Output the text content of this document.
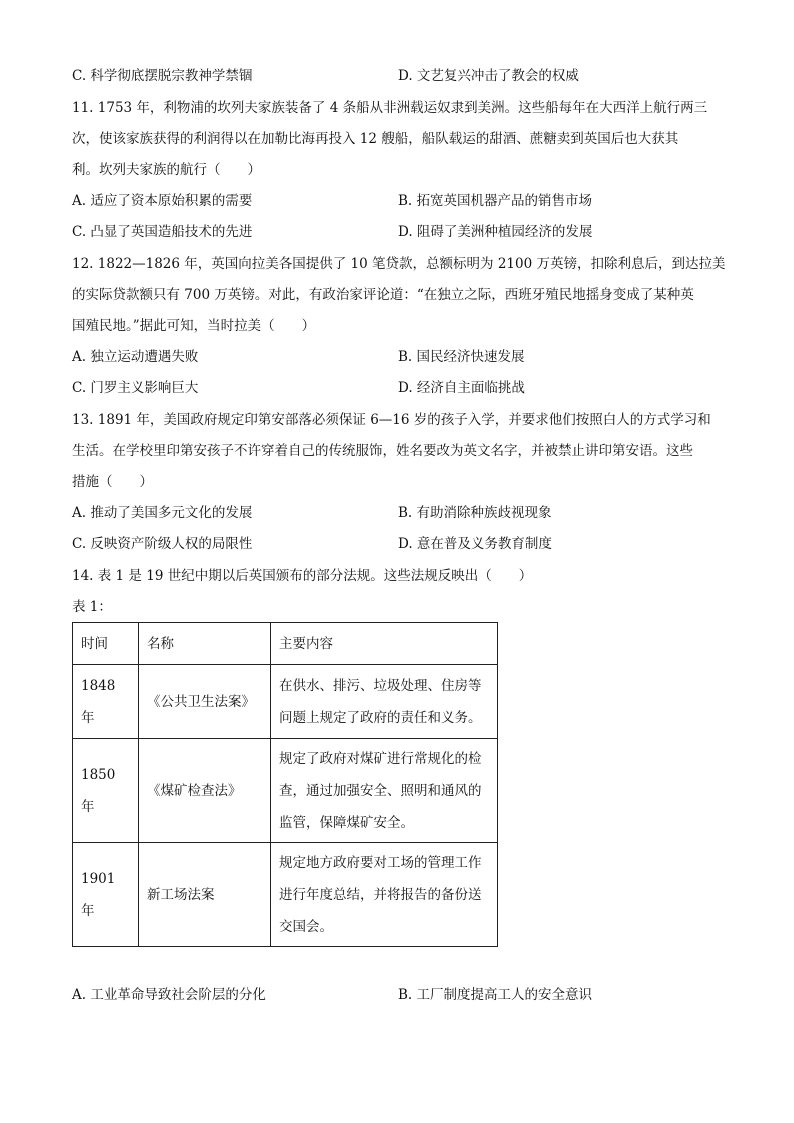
C. 科学彻底摆脱宗教神学禁锢	D. 文艺复兴冲击了教会的权威
11. 1753 年，利物浦的坎列夫家族装备了 4 条船从非洲载运奴隶到美洲。这些船每年在大西洋上航行两三
次，使该家族获得的利润得以在加勒比海再投入 12 艘船，船队载运的甜酒、蔗糖卖到英国后也大获其
利。坎列夫家族的航行（　　）
A. 适应了资本原始积累的需要	B. 拓宽英国机器产品的销售市场
C. 凸显了英国造船技术的先进	D. 阻碍了美洲种植园经济的发展
12. 1822—1826 年，英国向拉美各国提供了 10 笔贷款，总额标明为 2100 万英镑，扣除利息后，到达拉美
的实际贷款额只有 700 万英镑。对此，有政治家评论道：“在独立之际，西班牙殖民地摇身变成了某种英
国殖民地。”据此可知，当时拉美（　　）
A. 独立运动遭遇失败	B. 国民经济快速发展
C. 门罗主义影响巨大	D. 经济自主面临挑战
13. 1891 年，美国政府规定印第安部落必须保证 6—16 岁的孩子入学，并要求他们按照白人的方式学习和
生活。在学校里印第安孩子不许穿着自己的传统服饰，姓名要改为英文名字，并被禁止讲印第安语。这些
措施（　　）
A. 推动了美国多元文化的发展	B. 有助消除种族歧视现象
C. 反映资产阶级人权的局限性	D. 意在普及义务教育制度
14. 表 1 是 19 世纪中期以后英国颁布的部分法规。这些法规反映出（　　）
表 1：
时间	名称	主要内容
1848 年	《公共卫生法案》	在供水、排污、垃圾处理、住房等
问题上规定了政府的责任和义务。

1850 年	《煤矿检查法》	规定了政府对煤矿进行常规化的检
查，通过加强安全、照明和通风的
监管，保障煤矿安全。

1901 年	新工场法案	规定地方政府要对工场的管理工作
进行年度总结，并将报告的备份送
交国会。
A. 工业革命导致社会阶层的分化	B. 工厂制度提高工人的安全意识
